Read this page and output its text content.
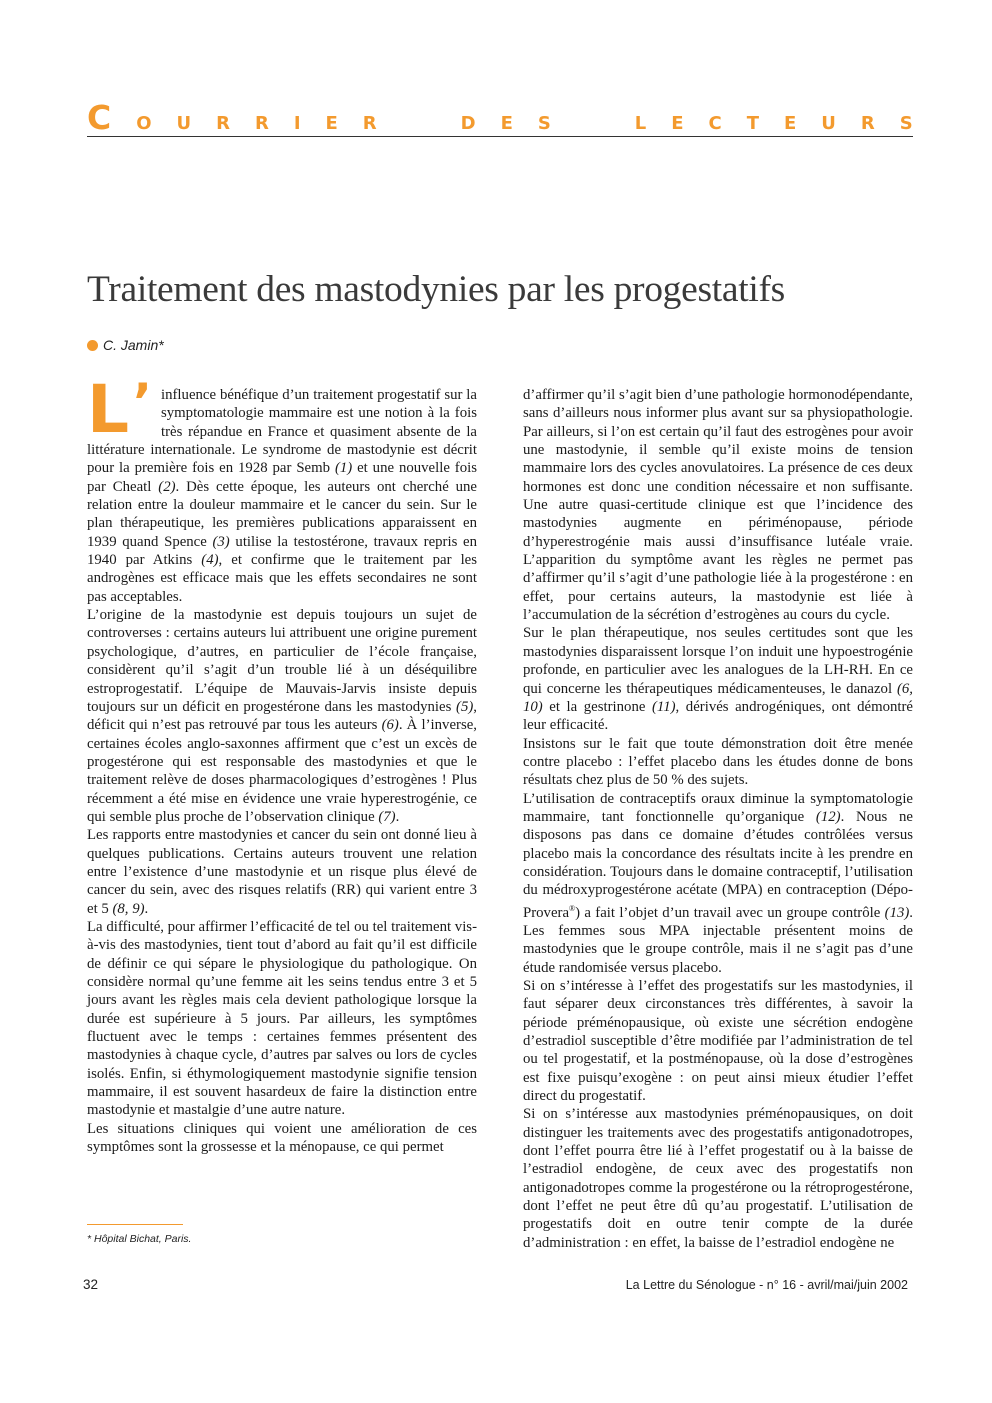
C O U R R I E R	D E S	L E C T E U R S
Traitement des mastodynies par les progestatifs
C. Jamin*
L ’ influence bénéfique d’un traitement progestatif sur la symptomatologie mammaire est une notion à la fois très répandue en France et quasiment absente de la littérature internationale. Le syndrome de mastodynie est décrit pour la première fois en 1928 par Semb (1) et une nouvelle fois par Cheatl (2). Dès cette époque, les auteurs ont cherché une relation entre la douleur mammaire et le cancer du sein. Sur le plan thérapeutique, les premières publications apparaissent en 1939 quand Spence (3) utilise la testostérone, travaux repris en 1940 par Atkins (4), et confirme que le traitement par les androgènes est efficace mais que les effets secondaires ne sont pas acceptables.

L’origine de la mastodynie est depuis toujours un sujet de controverses : certains auteurs lui attribuent une origine purement psychologique, d’autres, en particulier de l’école française, considèrent qu’il s’agit d’un trouble lié à un déséquilibre estroprogestatif. L’équipe de Mauvais-Jarvis insiste depuis toujours sur un déficit en progestérone dans les mastodynies (5), déficit qui n’est pas retrouvé par tous les auteurs (6). À l’inverse, certaines écoles anglo-saxonnes affirment que c’est un excès de progestérone qui est responsable des mastodynies et que le traitement relève de doses pharmacologiques d’estrogènes ! Plus récemment a été mise en évidence une vraie hyperestrogénie, ce qui semble plus proche de l’observation clinique (7).

Les rapports entre mastodynies et cancer du sein ont donné lieu à quelques publications. Certains auteurs trouvent une relation entre l’existence d’une mastodynie et un risque plus élevé de cancer du sein, avec des risques relatifs (RR) qui varient entre 3 et 5 (8, 9).

La difficulté, pour affirmer l’efficacité de tel ou tel traitement vis-à-vis des mastodynies, tient tout d’abord au fait qu’il est difficile de définir ce qui sépare le physiologique du pathologique. On considère normal qu’une femme ait les seins tendus entre 3 et 5 jours avant les règles mais cela devient pathologique lorsque la durée est supérieure à 5 jours. Par ailleurs, les symptômes fluctuent avec le temps : certaines femmes présentent des mastodynies à chaque cycle, d’autres par salves ou lors de cycles isolés. Enfin, si éthymologiquement mastodynie signifie tension mammaire, il est souvent hasardeux de faire la distinction entre mastodynie et mastalgie d’une autre nature.

Les situations cliniques qui voient une amélioration de ces symptômes sont la grossesse et la ménopause, ce qui permet

d’affirmer qu’il s’agit bien d’une pathologie hormonodépendante, sans d’ailleurs nous informer plus avant sur sa physiopathologie. Par ailleurs, si l’on est certain qu’il faut des estrogènes pour avoir une mastodynie, il semble qu’il existe moins de tension mammaire lors des cycles anovulatoires. La présence de ces deux hormones est donc une condition nécessaire et non suffisante. Une autre quasi-certitude clinique est que l’incidence des mastodynies augmente en périménopause, période d’hyperestrogénie mais aussi d’insuffisance lutéale vraie. L’apparition du symptôme avant les règles ne permet pas d’affirmer qu’il s’agit d’une pathologie liée à la progestérone : en effet, pour certains auteurs, la mastodynie est liée à l’accumulation de la sécrétion d’estrogènes au cours du cycle.

Sur le plan thérapeutique, nos seules certitudes sont que les mastodynies disparaissent lorsque l’on induit une hypoestrogénie profonde, en particulier avec les analogues de la LH-RH. En ce qui concerne les thérapeutiques médicamenteuses, le danazol (6, 10) et la gestrinone (11), dérivés androgéniques, ont démontré leur efficacité.

Insistons sur le fait que toute démonstration doit être menée contre placebo : l’effet placebo dans les études donne de bons résultats chez plus de 50 % des sujets.

L’utilisation de contraceptifs oraux diminue la symptomatologie mammaire, tant fonctionnelle qu’organique (12). Nous ne disposons pas dans ce domaine d’études contrôlées versus placebo mais la concordance des résultats incite à les prendre en considération. Toujours dans le domaine contraceptif, l’utilisation du médroxyprogestérone acétate (MPA) en contraception (Dépo-Provera®) a fait l’objet d’un travail avec un groupe contrôle (13). Les femmes sous MPA injectable présentent moins de mastodynies que le groupe contrôle, mais il ne s’agit pas d’une étude randomisée versus placebo.

Si on s’intéresse à l’effet des progestatifs sur les mastodynies, il faut séparer deux circonstances très différentes, à savoir la période préménopausique, où existe une sécrétion endogène d’estradiol susceptible d’être modifiée par l’administration de tel ou tel progestatif, et la postménopause, où la dose d’estrogènes est fixe puisqu’exogène : on peut ainsi mieux étudier l’effet direct du progestatif.

Si on s’intéresse aux mastodynies préménopausiques, on doit distinguer les traitements avec des progestatifs antigonadotropes, dont l’effet pourra être lié à l’effet progestatif ou à la baisse de l’estradiol endogène, de ceux avec des progestatifs non antigonadotropes comme la progestérone ou la rétroprogestérone, dont l’effet ne peut être dû qu’au progestatif. L’utilisation de progestatifs doit en outre tenir compte de la durée d’administration : en effet, la baisse de l’estradiol endogène ne

* Hôpital Bichat, Paris.
32	La Lettre du Sénologue - n° 16 - avril/mai/juin 2002
